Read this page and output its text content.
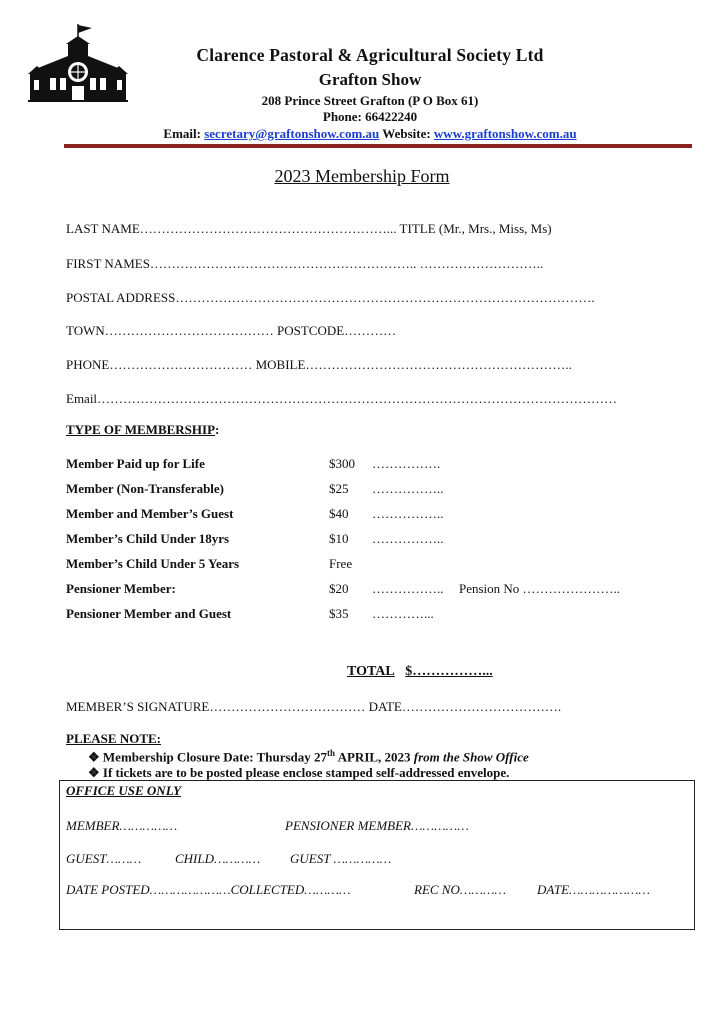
Clarence Pastoral & Agricultural Society Ltd
Grafton Show
208 Prince Street Grafton (P O Box 61)
Phone: 66422240
Email: secretary@graftonshow.com.au Website: www.graftonshow.com.au
2023 Membership Form
LAST NAME…………………………………………………... TITLE (Mr., Mrs., Miss, Ms)
FIRST NAMES…………………………………………………….. ………………………..
POSTAL ADDRESS…………………………………………………………………………………….
TOWN………………………………… POSTCODE…………
PHONE…………………………… MOBILE……………………………………………………..
Email…………………………………………………………………………………………………………
TYPE OF MEMBERSHIP:
Member Paid up for Life	$300 …………….
Member (Non-Transferable)	$25 ……………..
Member and Member’s Guest	$40 ……………..
Member’s Child Under 18yrs	$10 ……………..
Member’s Child Under 5 Years	Free
Pensioner Member:	$20 …………….. Pension No …………………..
Pensioner Member and Guest	$35 …………...
TOTAL $……………...
MEMBER’S SIGNATURE……………………………… DATE……………………………….
PLEASE NOTE:
❖ Membership Closure Date: Thursday 27th APRIL, 2023 from the Show Office
❖ If tickets are to be posted please enclose stamped self-addressed envelope.
OFFICE USE ONLY
MEMBER……………	PENSIONER MEMBER……………
GUEST………	CHILD………… GUEST ……………
DATE POSTED…………………COLLECTED…………	REC NO………… DATE…………………
